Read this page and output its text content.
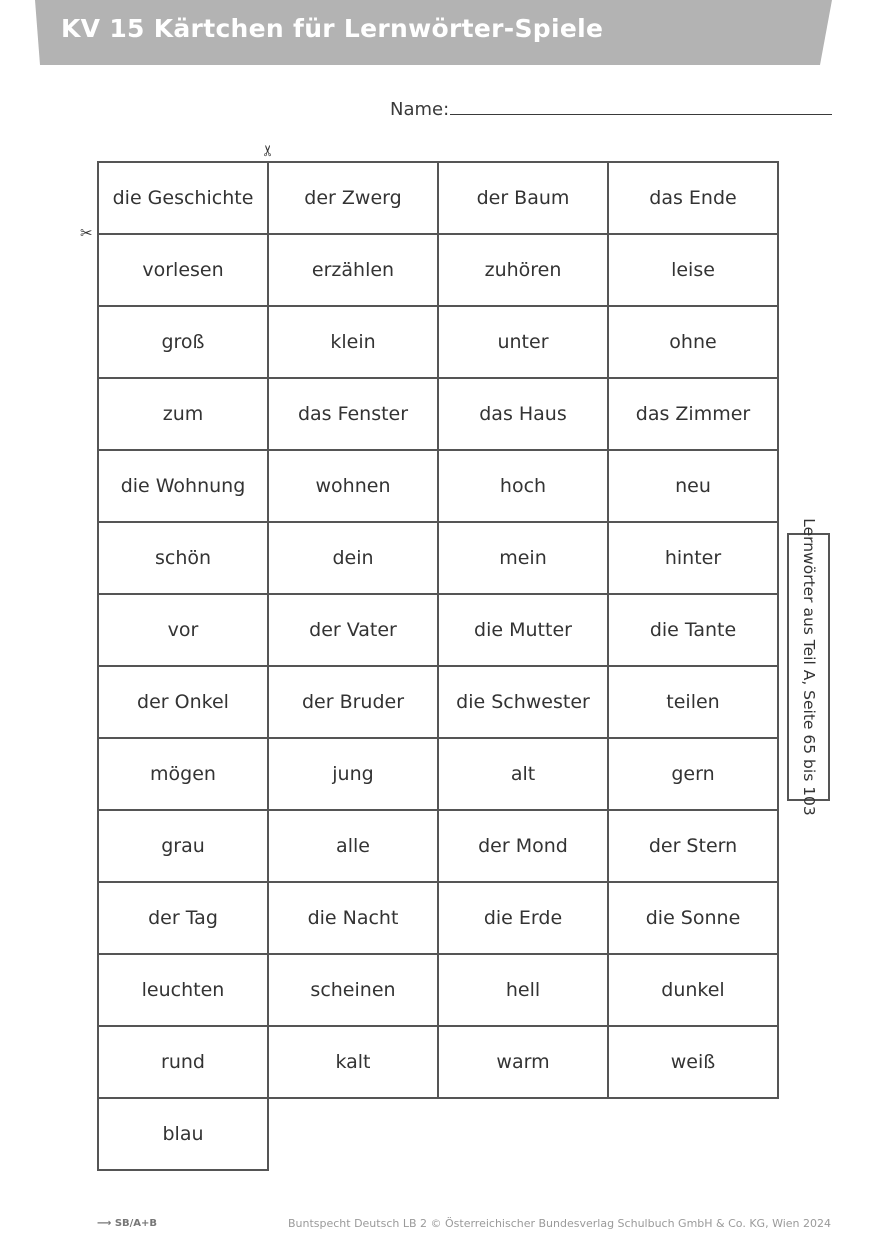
KV 15 Kärtchen für Lernwörter-Spiele
Name:
✂
✂
die Geschichte	der Zwerg	der Baum	das Ende
vorlesen	erzählen	zuhören	leise
groß	klein	unter	ohne
zum	das Fenster	das Haus	das Zimmer
die Wohnung	wohnen	hoch	neu
schön	dein	mein	hinter
vor	der Vater	die Mutter	die Tante
der Onkel	der Bruder	die Schwester	teilen
mögen	jung	alt	gern
grau	alle	der Mond	der Stern
der Tag	die Nacht	die Erde	die Sonne
leuchten	scheinen	hell	dunkel
rund	kalt	warm	weiß
blau
Lernwörter aus Teil A, Seite 65 bis 103
⟶ SB/A+B	Buntspecht Deutsch LB 2 © Österreichischer Bundesverlag Schulbuch GmbH & Co. KG, Wien 2024
